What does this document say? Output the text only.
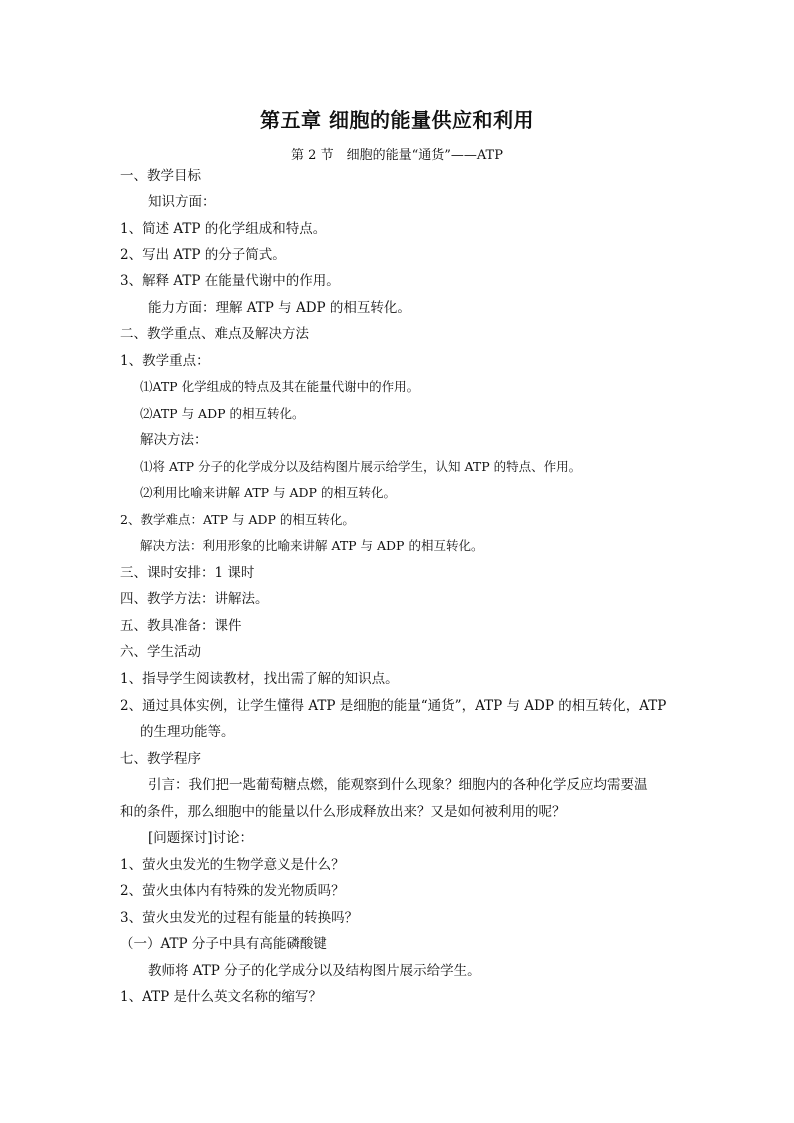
第五章 细胞的能量供应和利用
第 2 节　细胞的能量“通货”——ATP
一、教学目标
知识方面：
1、简述 ATP 的化学组成和特点。
2、写出 ATP 的分子简式。
3、解释 ATP 在能量代谢中的作用。
能力方面：理解 ATP 与 ADP 的相互转化。
二、教学重点、难点及解决方法
1、教学重点：
⑴ATP 化学组成的特点及其在能量代谢中的作用。
⑵ATP 与 ADP 的相互转化。
解决方法：
⑴将 ATP 分子的化学成分以及结构图片展示给学生，认知 ATP 的特点、作用。
⑵利用比喻来讲解 ATP 与 ADP 的相互转化。
2、教学难点：ATP 与 ADP 的相互转化。
解决方法：利用形象的比喻来讲解 ATP 与 ADP 的相互转化。
三、课时安排：1 课时
四、教学方法：讲解法。
五、教具准备：课件
六、学生活动
1、指导学生阅读教材，找出需了解的知识点。
2、通过具体实例，让学生懂得 ATP 是细胞的能量“通货”，ATP 与 ADP 的相互转化，ATP
的生理功能等。
七、教学程序
引言：我们把一匙葡萄糖点燃，能观察到什么现象？细胞内的各种化学反应均需要温
和的条件，那么细胞中的能量以什么形成释放出来？又是如何被利用的呢？
[问题探讨]讨论：
1、萤火虫发光的生物学意义是什么？
2、萤火虫体内有特殊的发光物质吗？
3、萤火虫发光的过程有能量的转换吗？
（一）ATP 分子中具有高能磷酸键
教师将 ATP 分子的化学成分以及结构图片展示给学生。
1、ATP 是什么英文名称的缩写？
